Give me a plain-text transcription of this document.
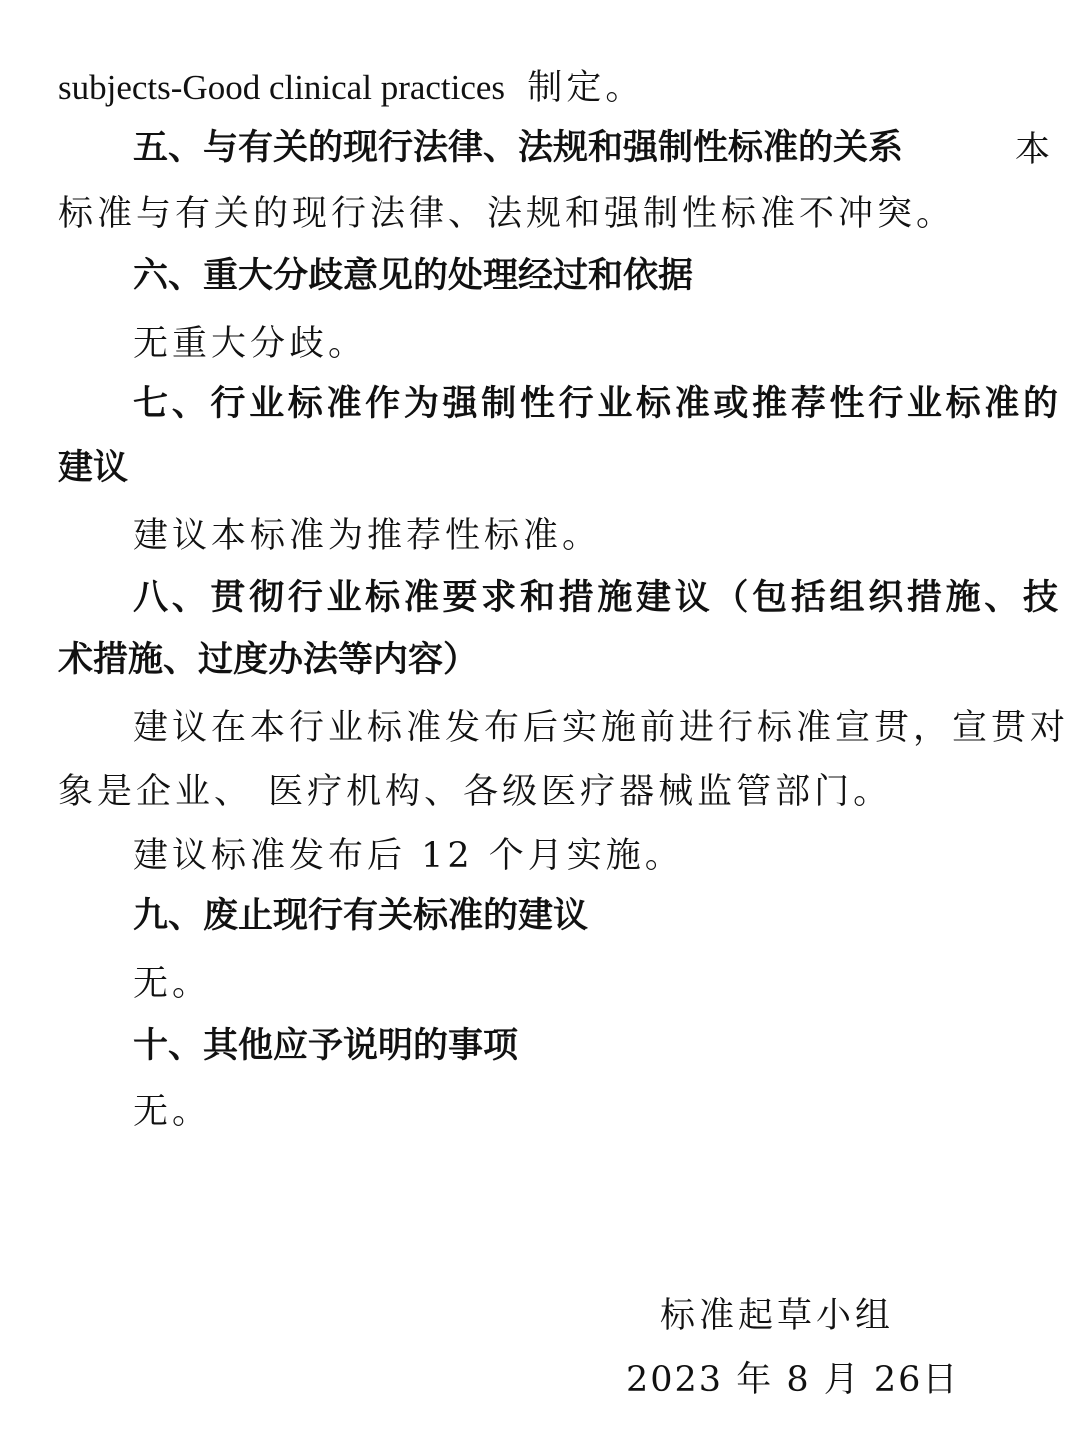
subjects-Good clinical practices 制定。

五、与有关的现行法律、法规和强制性标准的关系	本

标准与有关的现行法律、法规和强制性标准不冲突。

六、重大分歧意见的处理经过和依据

无重大分歧。

七、行业标准作为强制性行业标准或推荐性行业标准的

建议

建议本标准为推荐性标准。

八、贯彻行业标准要求和措施建议（包括组织措施、技

术措施、过度办法等内容）

建议在本行业标准发布后实施前进行标准宣贯，宣贯对

象是企业、 医疗机构、各级医疗器械监管部门。

建议标准发布后 12 个月实施。

九、废止现行有关标准的建议

无。

十、其他应予说明的事项

无。

标准起草小组
2023 年 8 月 26日
